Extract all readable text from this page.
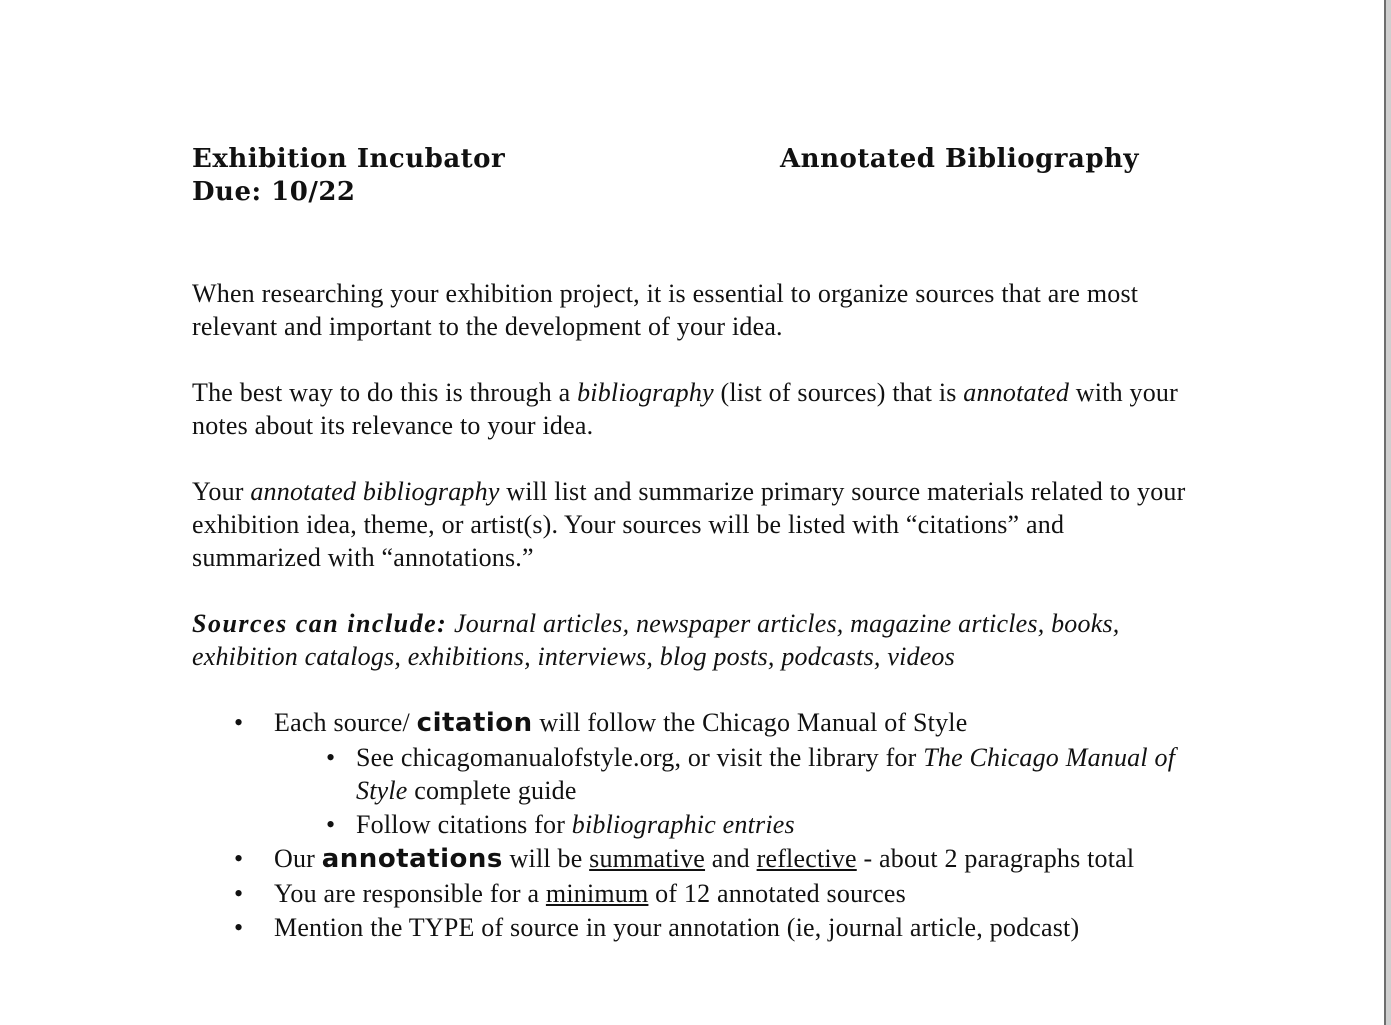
Exhibition Incubator
Due: 10/22
Annotated Bibliography
When researching your exhibition project, it is essential to organize sources that are most relevant and important to the development of your idea.
The best way to do this is through a bibliography (list of sources) that is annotated with your notes about its relevance to your idea.
Your annotated bibliography will list and summarize primary source materials related to your exhibition idea, theme, or artist(s). Your sources will be listed with “citations” and summarized with “annotations.”
Sources can include: Journal articles, newspaper articles, magazine articles, books, exhibition catalogs, exhibitions, interviews, blog posts, podcasts, videos
• Each source/ citation will follow the Chicago Manual of Style
• See chicagomanualofstyle.org, or visit the library for The Chicago Manual of Style complete guide
• Follow citations for bibliographic entries
• Our annotations will be summative and reflective - about 2 paragraphs total
• You are responsible for a minimum of 12 annotated sources
• Mention the TYPE of source in your annotation (ie, journal article, podcast)
